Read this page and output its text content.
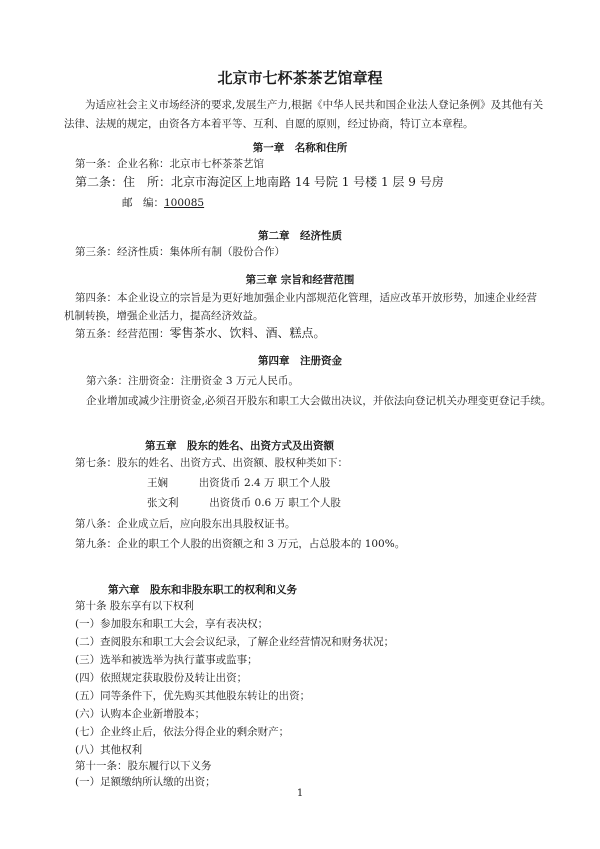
北京市七杯茶茶艺馆章程
为适应社会主义市场经济的要求,发展生产力,根据《中华人民共和国企业法人登记条例》及其他有关法律、法规的规定，由资各方本着平等、互利、自愿的原则，经过协商，特订立本章程。
第一章　名称和住所
第一条：企业名称：北京市七杯茶茶艺馆
第二条：住　所：北京市海淀区上地南路 14 号院 1 号楼 1 层 9 号房
邮　编：100085
第二章　经济性质
第三条：经济性质：集体所有制（股份合作）
第三章 宗旨和经营范围
第四条：本企业设立的宗旨是为更好地加强企业内部规范化管理，适应改革开放形势，加速企业经营
机制转换，增强企业活力，提高经济效益。
第五条：经营范围：零售茶水、饮料、酒、糕点。
第四章　注册资金
第六条：注册资金：注册资金 3 万元人民币。
企业增加或减少注册资金,必须召开股东和职工大会做出决议，并依法向登记机关办理变更登记手续。
第五章　股东的姓名、出资方式及出资额
第七条：股东的姓名、出资方式、出资额、股权种类如下：
王娴	出资货币 2.4 万 职工个人股
张文利	出资货币 0.6 万 职工个人股
第八条：企业成立后，应向股东出具股权证书。
第九条：企业的职工个人股的出资额之和 3 万元，占总股本的 100%。
第六章　股东和非股东职工的权利和义务
第十条 股东享有以下权利
(一）参加股东和职工大会，享有表决权；
(二）查阅股东和职工大会会议纪录，了解企业经营情况和财务状况；
(三）选举和被选举为执行董事或监事；
(四）依照规定获取股份及转让出资；
(五）同等条件下，优先购买其他股东转让的出资；
(六）认购本企业新增股本；
(七）企业终止后，依法分得企业的剩余财产；
(八）其他权利
第十一条：股东履行以下义务
(一）足额缴纳所认缴的出资；
1
